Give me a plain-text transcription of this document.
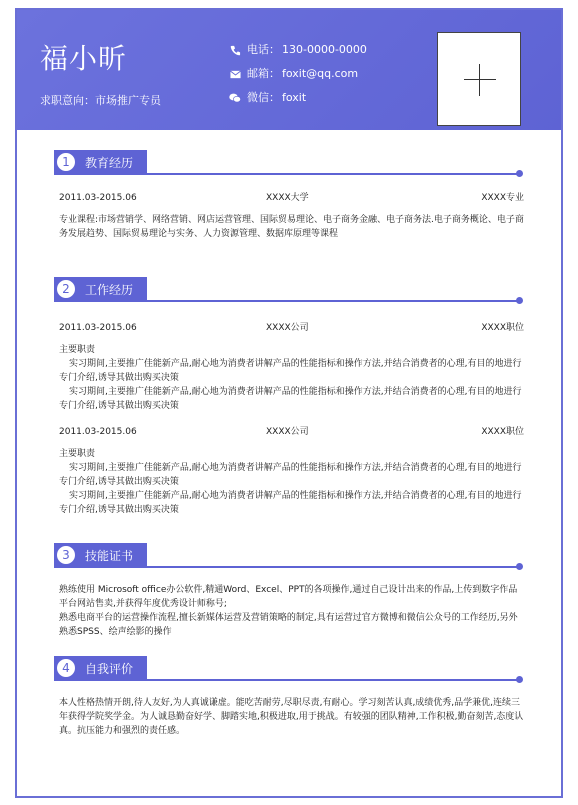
福小昕
求职意向：市场推广专员
电话： 130-0000-0000
邮箱： foxit@qq.com
微信： foxit
1	教育经历
2011.03-2015.06	XXXX大学	XXXX专业
专业课程:市场营销学、网络营销、网店运营管理、国际贸易理论、电子商务金融、电子商务法.电子商务概论、电子商务发展趋势、国际贸易理论与实务、人力资源管理、数据库原理等课程
2	工作经历
2011.03-2015.06	XXXX公司	XXXX职位
主要职责
实习期间,主要推广佳能新产品,耐心地为消费者讲解产品的性能指标和操作方法,并结合消费者的心理,有目的地进行专门介绍,诱导其做出购买决策
实习期间,主要推广佳能新产品,耐心地为消费者讲解产品的性能指标和操作方法,并结合消费者的心理,有目的地进行专门介绍,诱导其做出购买决策
2011.03-2015.06	XXXX公司	XXXX职位
主要职责
实习期间,主要推广佳能新产品,耐心地为消费者讲解产品的性能指标和操作方法,并结合消费者的心理,有目的地进行专门介绍,诱导其做出购买决策
实习期间,主要推广佳能新产品,耐心地为消费者讲解产品的性能指标和操作方法,并结合消费者的心理,有目的地进行专门介绍,诱导其做出购买决策
3	技能证书
熟练使用 Microsoft office办公软件,精通Word、Excel、PPT的各项操作,通过自己设计出来的作品,上传到数字作品平台网站售卖,并获得年度优秀设计师称号;
熟悉电商平台的运营操作流程,擅长新媒体运营及营销策略的制定,具有运营过官方微博和微信公众号的工作经历,另外熟悉SPSS、绘声绘影的操作
4	自我评价
本人性格热情开朗,待人友好,为人真诚谦虚。能吃苦耐劳,尽职尽责,有耐心。学习刻苦认真,成绩优秀,品学兼优,连续三年获得学院奖学金。为人诚恳勤奋好学、脚踏实地,积极进取,用于挑战。有较强的团队精神,工作积极,勤奋刻苦,态度认真。抗压能力和强烈的责任感。
